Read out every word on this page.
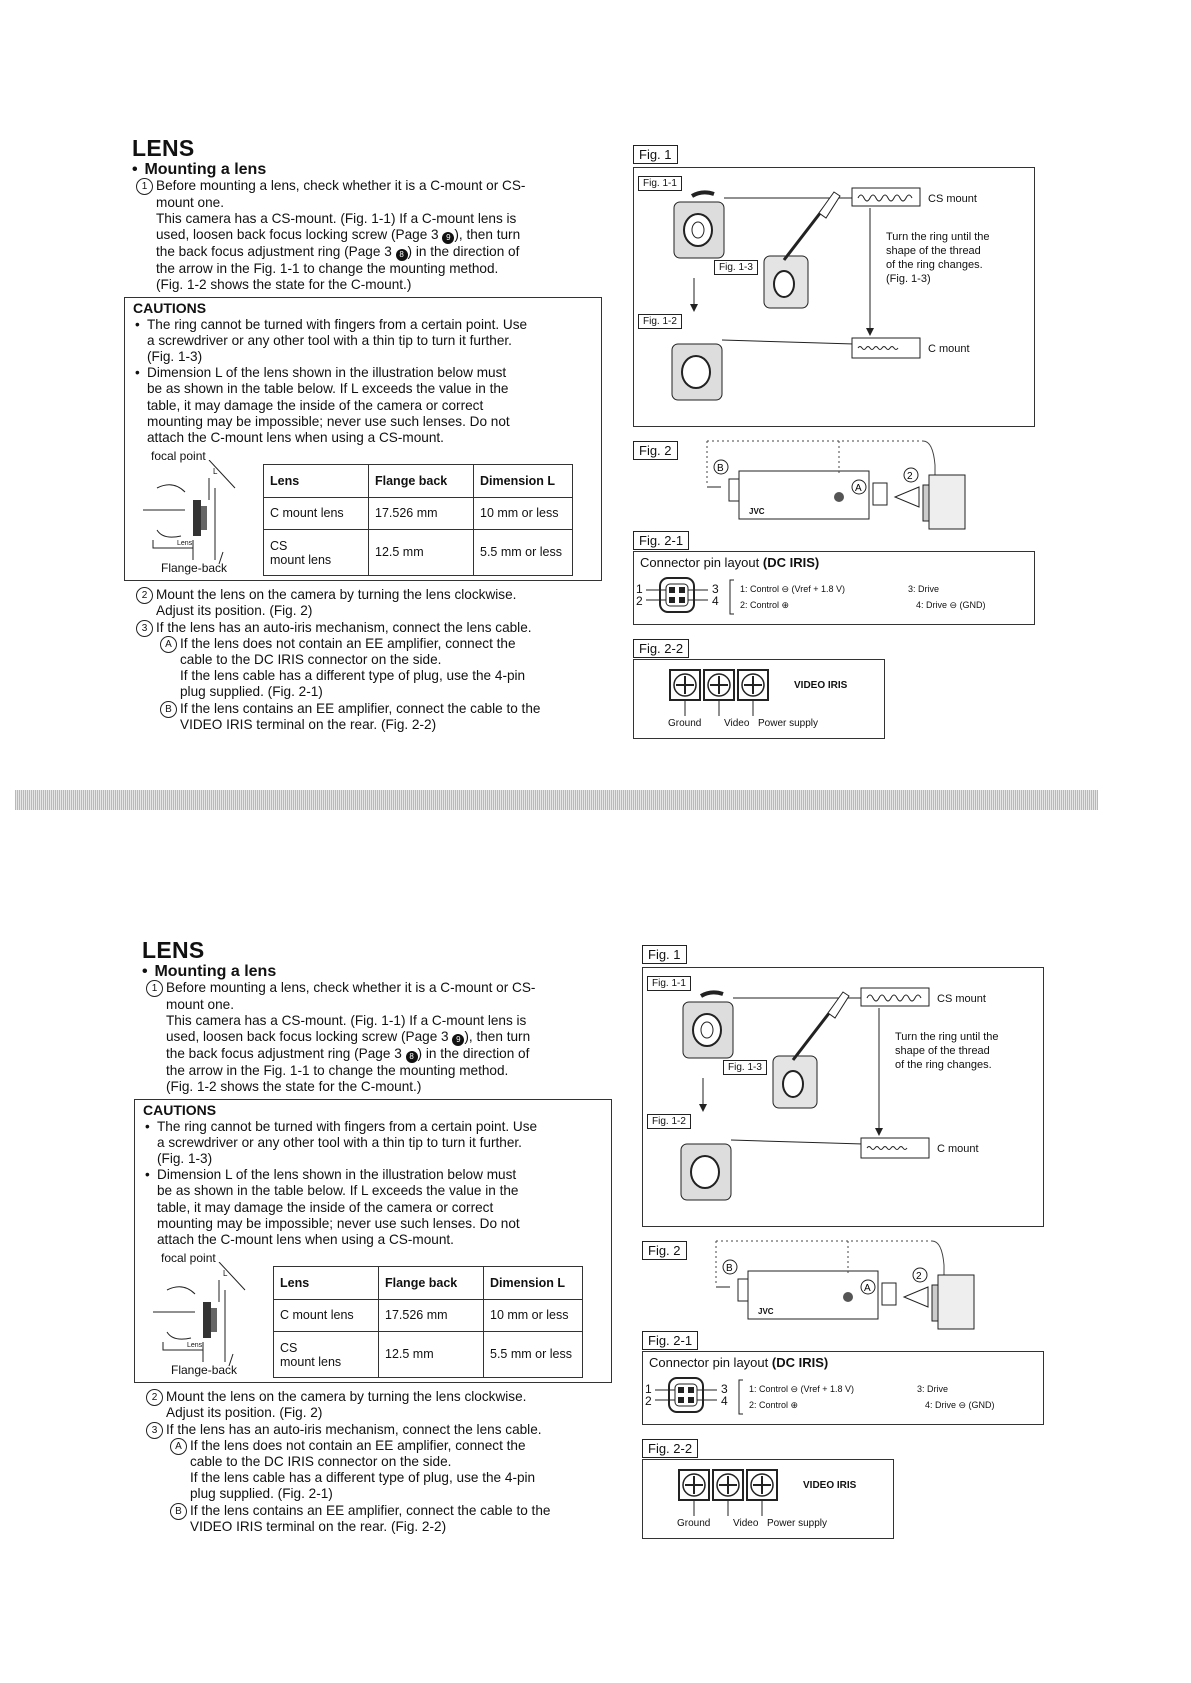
LENS
• Mounting a lens
1 Before mounting a lens, check whether it is a C-mount or CS-
mount one.
This camera has a CS-mount. (Fig. 1-1) If a C-mount lens is
used, loosen back focus locking screw (Page 3 9 ), then turn
the back focus adjustment ring (Page 3 8 ) in the direction of
the arrow in the Fig. 1-1 to change the mounting method.
(Fig. 1-2 shows the state for the C-mount.)
CAUTIONS
• The ring cannot be turned with fingers from a certain point. Use
a screwdriver or any other tool with a thin tip to turn it further.
(Fig. 1-3)
• Dimension L of the lens shown in the illustration below must
be as shown in the table below. If L exceeds the value in the
table, it may damage the inside of the camera or correct
mounting may be impossible; never use such lenses. Do not
attach the C-mount lens when using a CS-mount.
focal point
L
Lens
Flange-back
Lens	Flange back	Dimension L
C mount lens	17.526 mm	10 mm or less

CS
mount lens	12.5 mm	5.5 mm or less
2 Mount the lens on the camera by turning the lens clockwise.
Adjust its position. (Fig. 2)
3 If the lens has an auto-iris mechanism, connect the lens cable.
A If the lens does not contain an EE amplifier, connect the
cable to the DC IRIS connector on the side.
If the lens cable has a different type of plug, use the 4-pin
plug supplied. (Fig. 2-1)
B If the lens contains an EE amplifier, connect the cable to the
VIDEO IRIS terminal on the rear. (Fig. 2-2)
Fig. 1
Fig. 1-1
Fig. 1-3
Fig. 1-2
CS mount
Turn the ring until the
shape of the thread
of the ring changes.
(Fig. 1-3)
C mount
Fig. 2
B
A
2
JVC
Fig. 2-1
Connector pin layout (DC IRIS)
1
2
3
4
1: Control ⊖ (Vref + 1.8 V)	3: Drive
2: Control ⊕	4: Drive ⊖ (GND)
Fig. 2-2
VIDEO IRIS
Ground Video Power supply
LENS
• Mounting a lens
1 Before mounting a lens, check whether it is a C-mount or CS-
mount one.
This camera has a CS-mount. (Fig. 1-1) If a C-mount lens is
used, loosen back focus locking screw (Page 3 9 ), then turn
the back focus adjustment ring (Page 3 8 ) in the direction of
the arrow in the Fig. 1-1 to change the mounting method.
(Fig. 1-2 shows the state for the C-mount.)
CAUTIONS
• The ring cannot be turned with fingers from a certain point. Use
a screwdriver or any other tool with a thin tip to turn it further.
(Fig. 1-3)
• Dimension L of the lens shown in the illustration below must
be as shown in the table below. If L exceeds the value in the
table, it may damage the inside of the camera or correct
mounting may be impossible; never use such lenses. Do not
attach the C-mount lens when using a CS-mount.
focal point
L
Lens
Flange-back
Lens	Flange back	Dimension L
C mount lens	17.526 mm	10 mm or less

CS
mount lens	12.5 mm	5.5 mm or less
2 Mount the lens on the camera by turning the lens clockwise.
Adjust its position. (Fig. 2)
3 If the lens has an auto-iris mechanism, connect the lens cable.
A If the lens does not contain an EE amplifier, connect the
cable to the DC IRIS connector on the side.
If the lens cable has a different type of plug, use the 4-pin
plug supplied. (Fig. 2-1)
B If the lens contains an EE amplifier, connect the cable to the
VIDEO IRIS terminal on the rear. (Fig. 2-2)
Fig. 1
Fig. 1-1
Fig. 1-3
Fig. 1-2
CS mount
Turn the ring until the
shape of the thread
of the ring changes.
C mount
Fig. 2
B
A
2
JVC
Fig. 2-1
Connector pin layout (DC IRIS)
1
2
3
4
1: Control ⊖ (Vref + 1.8 V)	3: Drive
2: Control ⊕	4: Drive ⊖ (GND)
Fig. 2-2
VIDEO IRIS
Ground Video Power supply
